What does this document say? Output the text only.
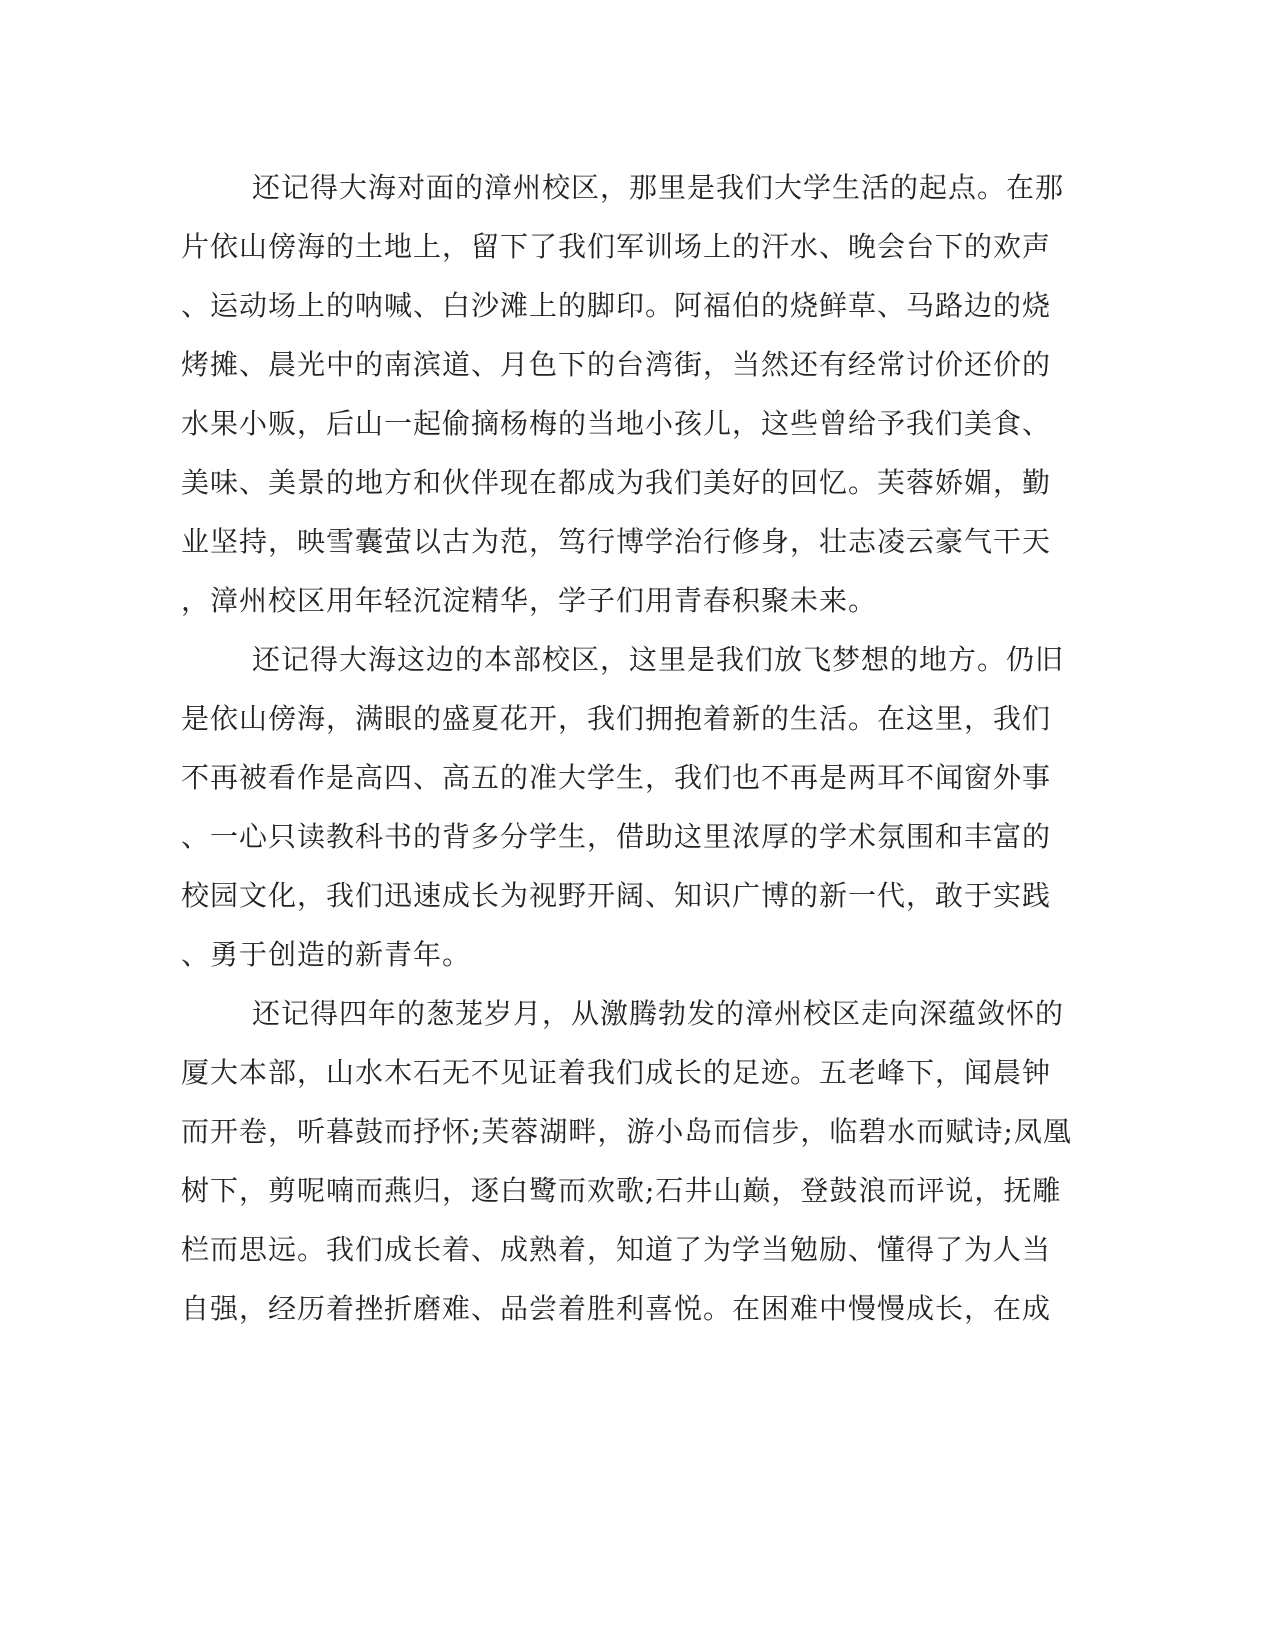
还记得大海对面的漳州校区，那里是我们大学生活的起点。在那
片依山傍海的土地上，留下了我们军训场上的汗水、晚会台下的欢声
、运动场上的呐喊、白沙滩上的脚印。阿福伯的烧鲜草、马路边的烧
烤摊、晨光中的南滨道、月色下的台湾街，当然还有经常讨价还价的
水果小贩，后山一起偷摘杨梅的当地小孩儿，这些曾给予我们美食、
美味、美景的地方和伙伴现在都成为我们美好的回忆。芙蓉娇媚，勤
业坚持，映雪囊萤以古为范，笃行博学治行修身，壮志凌云豪气干天
，漳州校区用年轻沉淀精华，学子们用青春积聚未来。
还记得大海这边的本部校区，这里是我们放飞梦想的地方。仍旧
是依山傍海，满眼的盛夏花开，我们拥抱着新的生活。在这里，我们
不再被看作是高四、高五的准大学生，我们也不再是两耳不闻窗外事
、一心只读教科书的背多分学生，借助这里浓厚的学术氛围和丰富的
校园文化，我们迅速成长为视野开阔、知识广博的新一代，敢于实践
、勇于创造的新青年。
还记得四年的葱茏岁月，从激腾勃发的漳州校区走向深蕴敛怀的
厦大本部，山水木石无不见证着我们成长的足迹。五老峰下，闻晨钟
而开卷，听暮鼓而抒怀;芙蓉湖畔，游小岛而信步，临碧水而赋诗;凤凰
树下，剪呢喃而燕归，逐白鹭而欢歌;石井山巅，登鼓浪而评说，抚雕
栏而思远。我们成长着、成熟着，知道了为学当勉励、懂得了为人当
自强，经历着挫折磨难、品尝着胜利喜悦。在困难中慢慢成长，在成
